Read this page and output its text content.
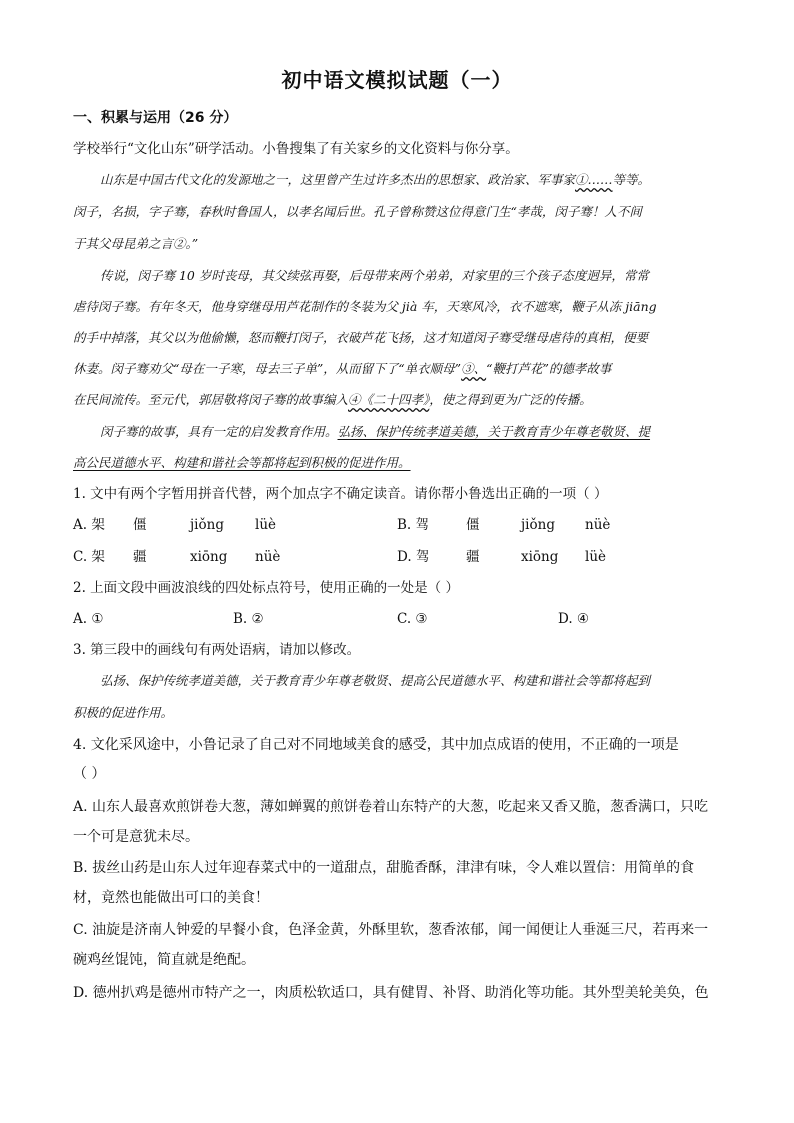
初中语文模拟试题（一）
一、积累与运用（26 分）
学校举行“文化山东”研学活动。小鲁搜集了有关家乡的文化资料与你分享。
山东是中国古代文化的发源地之一，这里曾产生过许多杰出的思想家、政治家、军事家①……等等。
闵子，名损，字子骞，春秋时鲁国人，以孝名闻后世。孔子曾称赞这位得意门生“孝哉，闵子骞！人不间
于其父母昆弟之言②。”
传说，闵子骞 10 岁时丧母，其父续弦再娶，后母带来两个弟弟，对家里的三个孩子态度迥异，常常
虐待闵子骞。有年冬天，他身穿继母用芦花制作的冬装为父 jià 车，天寒风冷，衣不遮寒，鞭子从冻 jiāng
的手中掉落，其父以为他偷懒，怒而鞭打闵子，衣破芦花飞扬，这才知道闵子骞受继母虐待的真相，便要
休妻。闵子骞劝父“母在一子寒，母去三子单”，从而留下了“单衣顺母”③、“鞭打芦花”的德孝故事
在民间流传。至元代，郭居敬将闵子骞的故事编入④《二十四孝》，使之得到更为广泛的传播。
闵子骞的故事，具有一定的启发教育作用。弘扬、保护传统孝道美德，关于教育青少年尊老敬贤、提
高公民道德水平、构建和谐社会等都将起到积极的促进作用。
1. 文中有两个字暂用拼音代替，两个加点字不确定读音。请你帮小鲁选出正确的一项（ ）
A. 架 僵	jiǒng lüè	B. 驾	僵	jiǒng nüè
C. 架 疆	xiōng nüè	D. 驾	疆	xiōng lüè
2. 上面文段中画波浪线的四处标点符号，使用正确的一处是（ ）
A. ①	B. ②	C. ③	D. ④
3. 第三段中的画线句有两处语病，请加以修改。
弘扬、保护传统孝道美德，关于教育青少年尊老敬贤、提高公民道德水平、构建和谐社会等都将起到
积极的促进作用。
4. 文化采风途中，小鲁记录了自己对不同地域美食的感受，其中加点成语的使用，不正确的一项是
（ ）
A. 山东人最喜欢煎饼卷大葱，薄如蝉翼的煎饼卷着山东特产的大葱，吃起来又香又脆，葱香满口，只吃
一个可是意犹未尽。
B. 拔丝山药是山东人过年迎春菜式中的一道甜点，甜脆香酥，津津有味，令人难以置信：用简单的食
材，竟然也能做出可口的美食！
C. 油旋是济南人钟爱的早餐小食，色泽金黄，外酥里软，葱香浓郁，闻一闻便让人垂涎三尺，若再来一
碗鸡丝馄饨，简直就是绝配。
D. 德州扒鸡是德州市特产之一，肉质松软适口，具有健胃、补肾、助消化等功能。其外型美轮美奂，色
